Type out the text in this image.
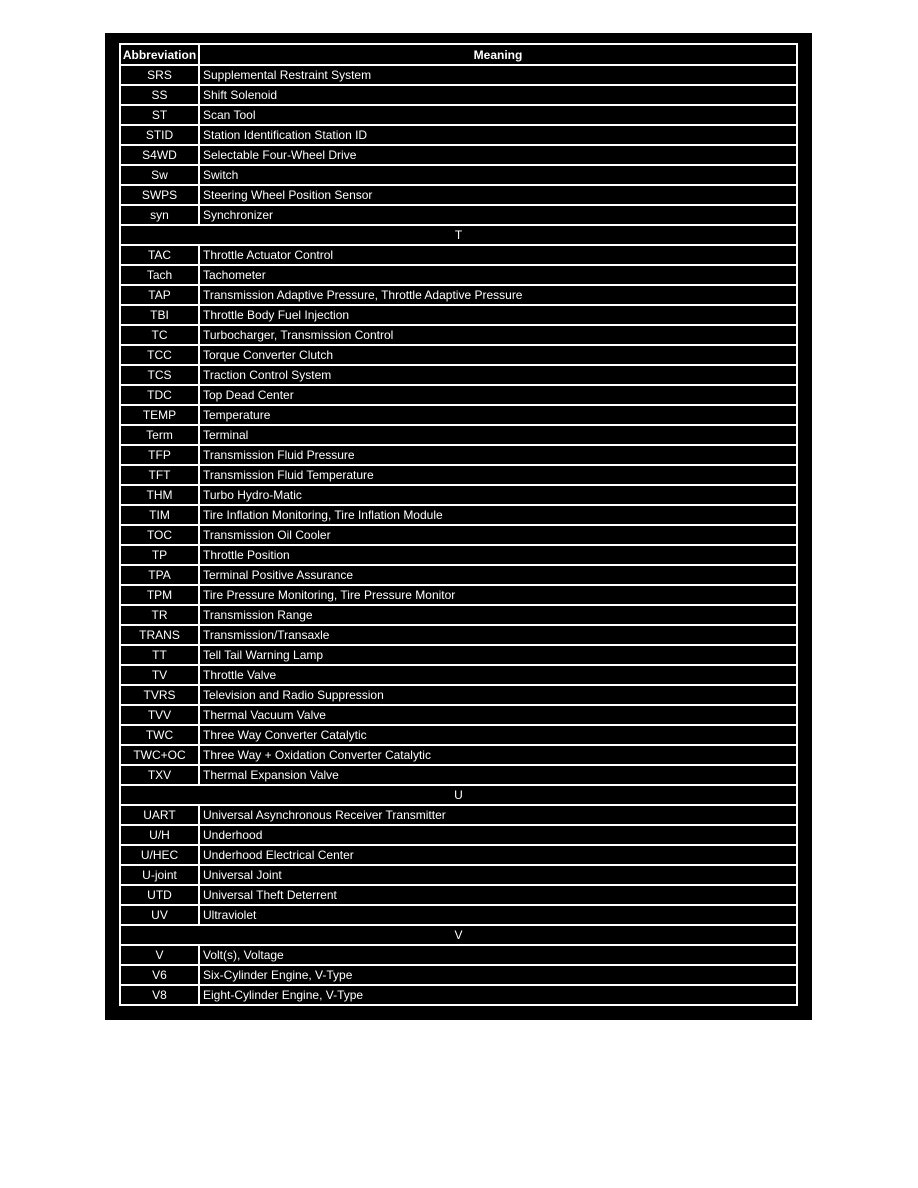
Abbreviation	Meaning
SRS	Supplemental Restraint System
SS	Shift Solenoid
ST	Scan Tool
STID	Station Identification Station ID
S4WD	Selectable Four-Wheel Drive
Sw	Switch
SWPS	Steering Wheel Position Sensor
syn	Synchronizer
T	
TAC	Throttle Actuator Control
Tach	Tachometer
TAP	Transmission Adaptive Pressure, Throttle Adaptive Pressure
TBI	Throttle Body Fuel Injection
TC	Turbocharger, Transmission Control
TCC	Torque Converter Clutch
TCS	Traction Control System
TDC	Top Dead Center
TEMP	Temperature
Term	Terminal
TFP	Transmission Fluid Pressure
TFT	Transmission Fluid Temperature
THM	Turbo Hydro-Matic
TIM	Tire Inflation Monitoring, Tire Inflation Module
TOC	Transmission Oil Cooler
TP	Throttle Position
TPA	Terminal Positive Assurance
TPM	Tire Pressure Monitoring, Tire Pressure Monitor
TR	Transmission Range
TRANS	Transmission/Transaxle
TT	Tell Tail Warning Lamp
TV	Throttle Valve
TVRS	Television and Radio Suppression
TVV	Thermal Vacuum Valve
TWC	Three Way Converter Catalytic
TWC+OC	Three Way + Oxidation Converter Catalytic
TXV	Thermal Expansion Valve
U	
UART	Universal Asynchronous Receiver Transmitter
U/H	Underhood
U/HEC	Underhood Electrical Center
U-joint	Universal Joint
UTD	Universal Theft Deterrent
UV	Ultraviolet
V	
V	Volt(s), Voltage
V6	Six-Cylinder Engine, V-Type
V8	Eight-Cylinder Engine, V-Type
